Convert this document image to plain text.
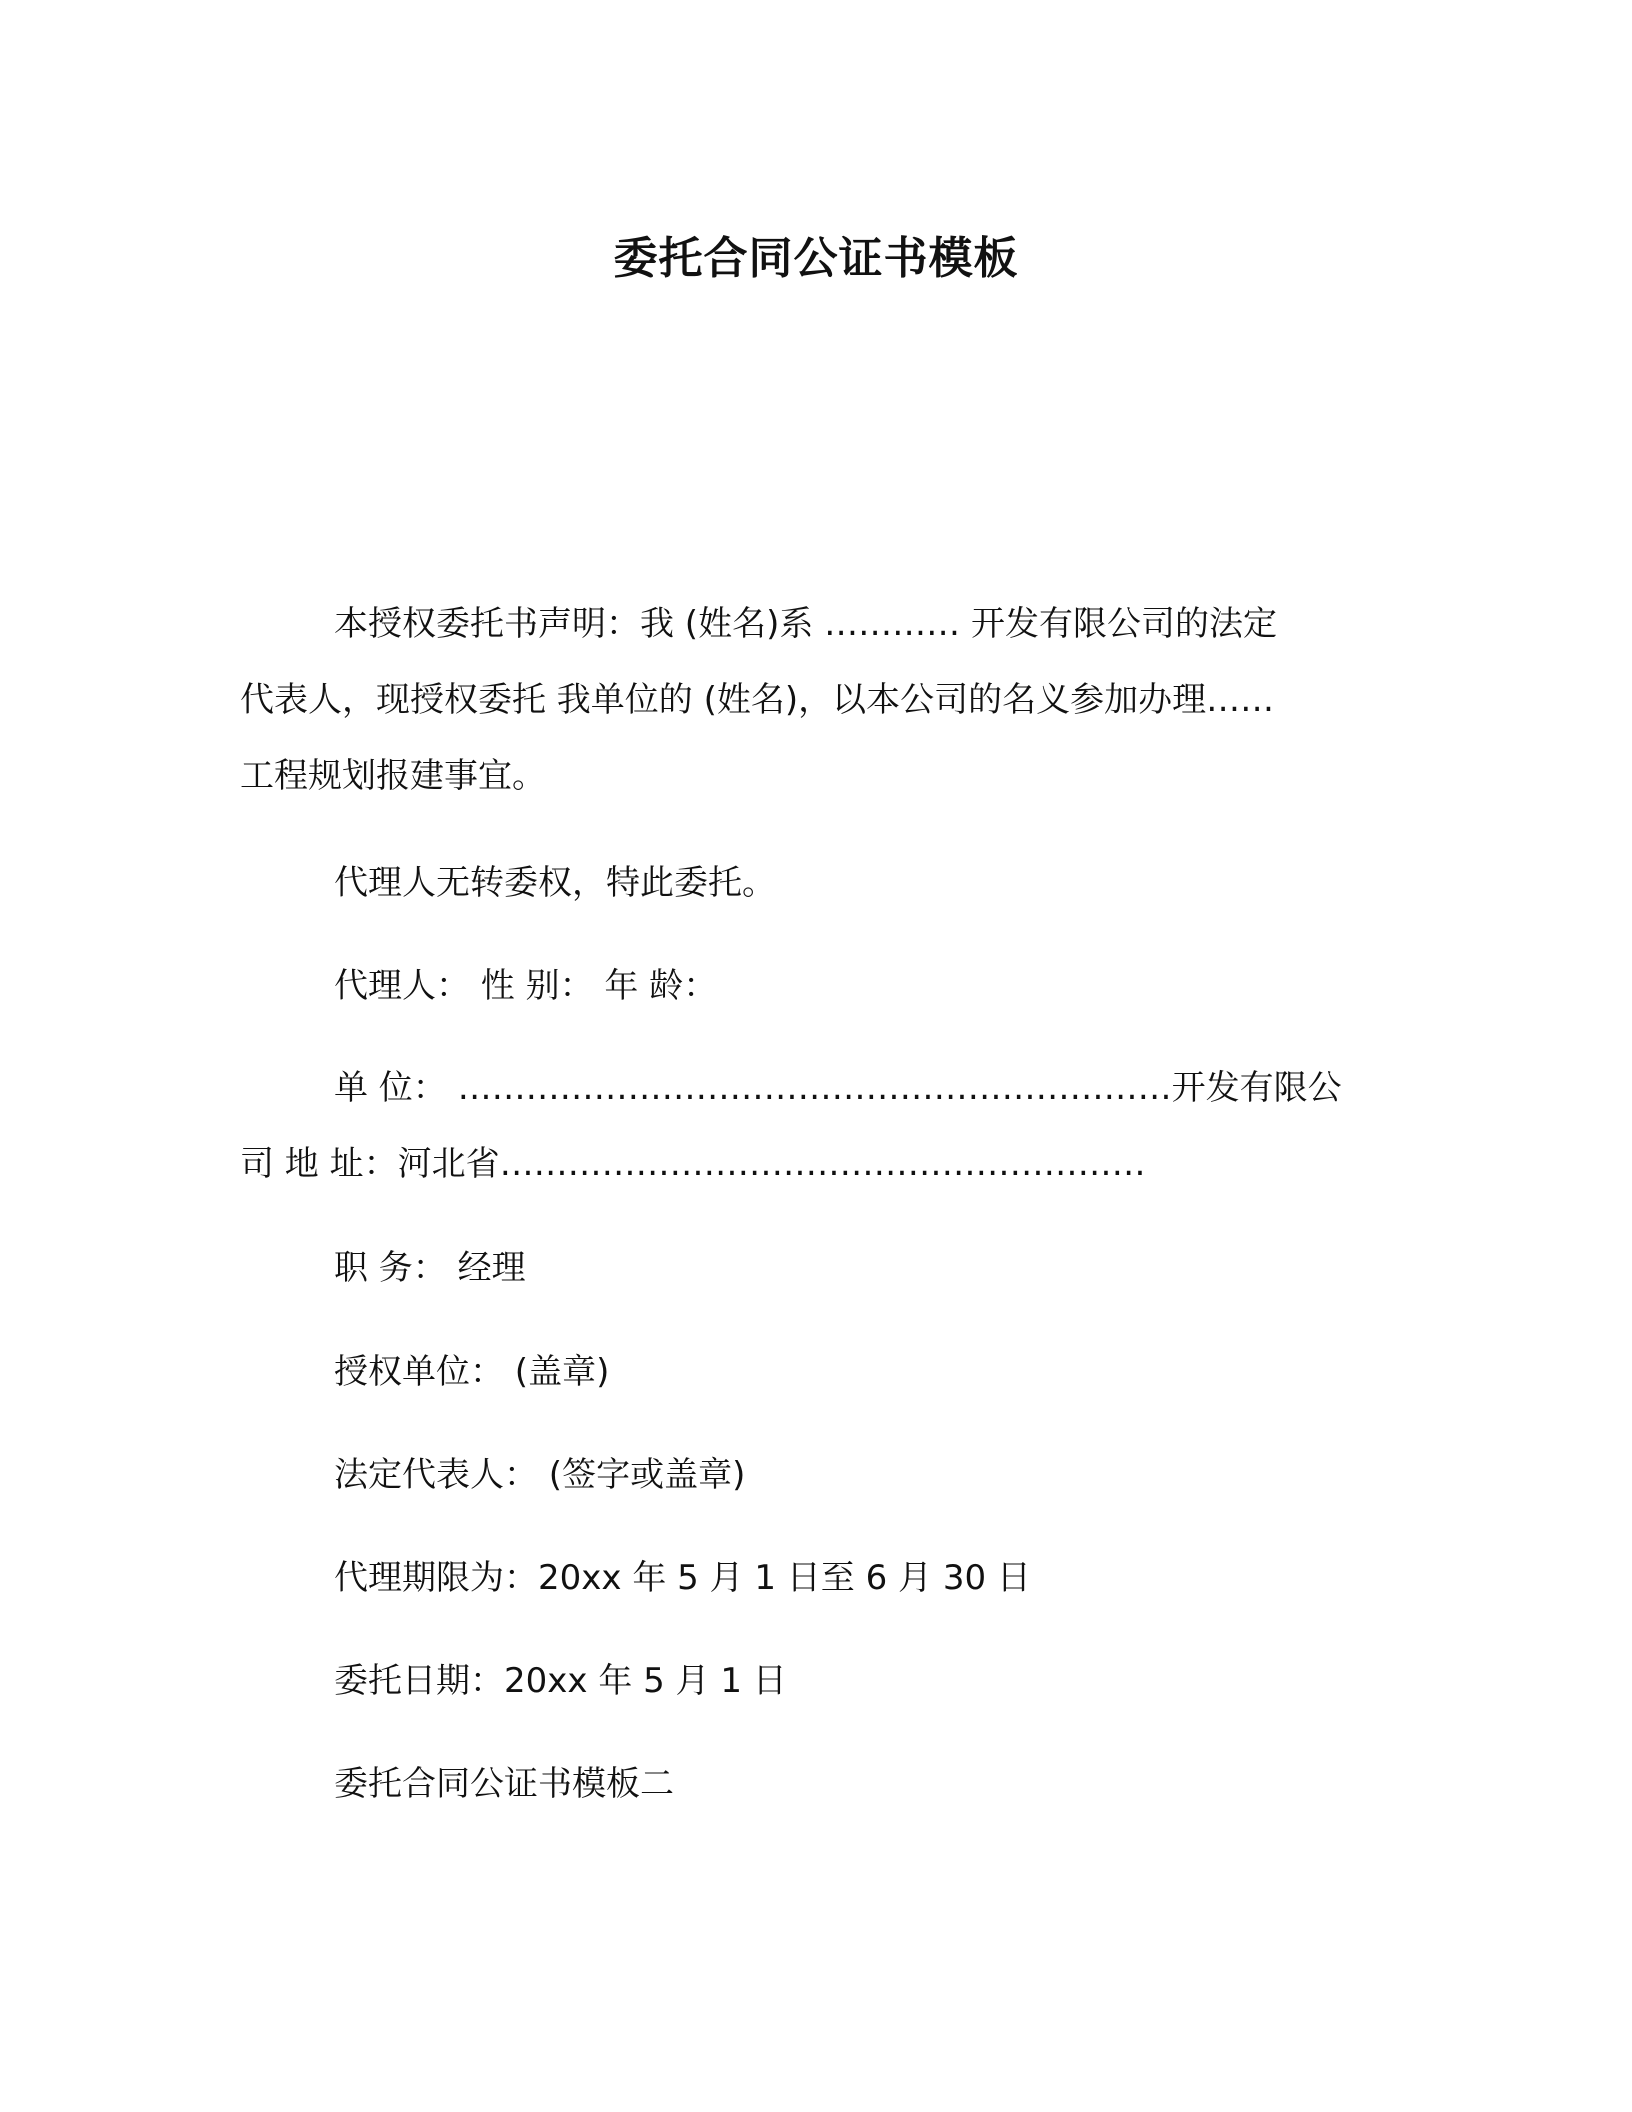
委托合同公证书模板
本授权委托书声明：我 (姓名)系 ………… 开发有限公司的法定
代表人，现授权委托 我单位的 (姓名)，以本公司的名义参加办理……
工程规划报建事宜。
代理人无转委权，特此委托。
代理人： 性 别： 年 龄：
单 位： ………………………………………………………开发有限公
司 地 址：河北省…………………………………………………
职 务： 经理
授权单位： (盖章)
法定代表人： (签字或盖章)
代理期限为：20xx 年 5 月 1 日至 6 月 30 日
委托日期：20xx 年 5 月 1 日
委托合同公证书模板二
